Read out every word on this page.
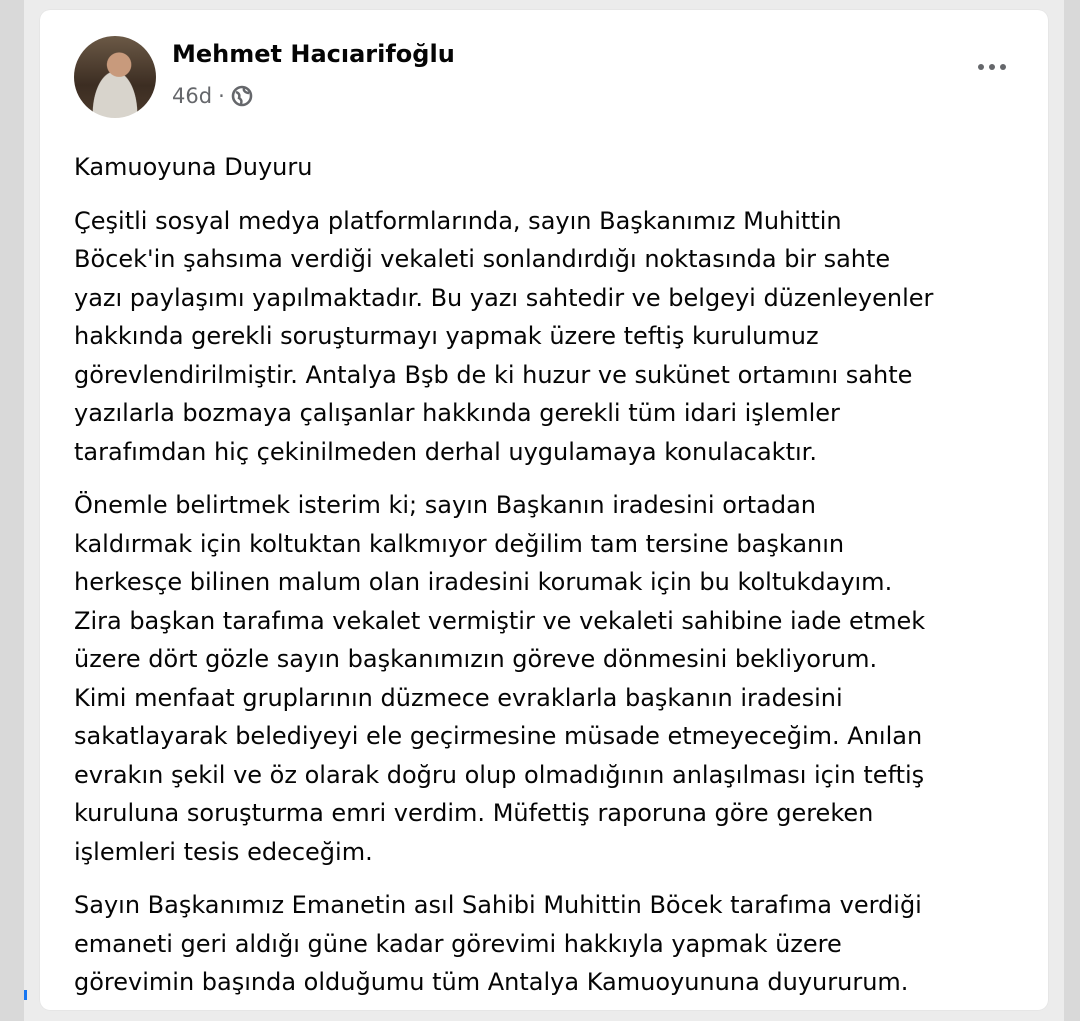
Mehmet Hacıarifoğlu
46d ·

Kamuoyuna Duyuru

Çeşitli sosyal medya platformlarında, sayın Başkanımız Muhittin
Böcek'in şahsıma verdiği vekaleti sonlandırdığı noktasında bir sahte
yazı paylaşımı yapılmaktadır. Bu yazı sahtedir ve belgeyi düzenleyenler
hakkında gerekli soruşturmayı yapmak üzere teftiş kurulumuz
görevlendirilmiştir. Antalya Bşb de ki huzur ve sukünet ortamını sahte
yazılarla bozmaya çalışanlar hakkında gerekli tüm idari işlemler
tarafımdan hiç çekinilmeden derhal uygulamaya konulacaktır.

Önemle belirtmek isterim ki; sayın Başkanın iradesini ortadan
kaldırmak için koltuktan kalkmıyor değilim tam tersine başkanın
herkesçe bilinen malum olan iradesini korumak için bu koltukdayım.
Zira başkan tarafıma vekalet vermiştir ve vekaleti sahibine iade etmek
üzere dört gözle sayın başkanımızın göreve dönmesini bekliyorum.
Kimi menfaat gruplarının düzmece evraklarla başkanın iradesini
sakatlayarak belediyeyi ele geçirmesine müsade etmeyeceğim. Anılan
evrakın şekil ve öz olarak doğru olup olmadığının anlaşılması için teftiş
kuruluna soruşturma emri verdim. Müfettiş raporuna göre gereken
işlemleri tesis edeceğim.

Sayın Başkanımız Emanetin asıl Sahibi Muhittin Böcek tarafıma verdiği
emaneti geri aldığı güne kadar görevimi hakkıyla yapmak üzere
görevimin başında olduğumu tüm Antalya Kamuoyununa duyururum.
